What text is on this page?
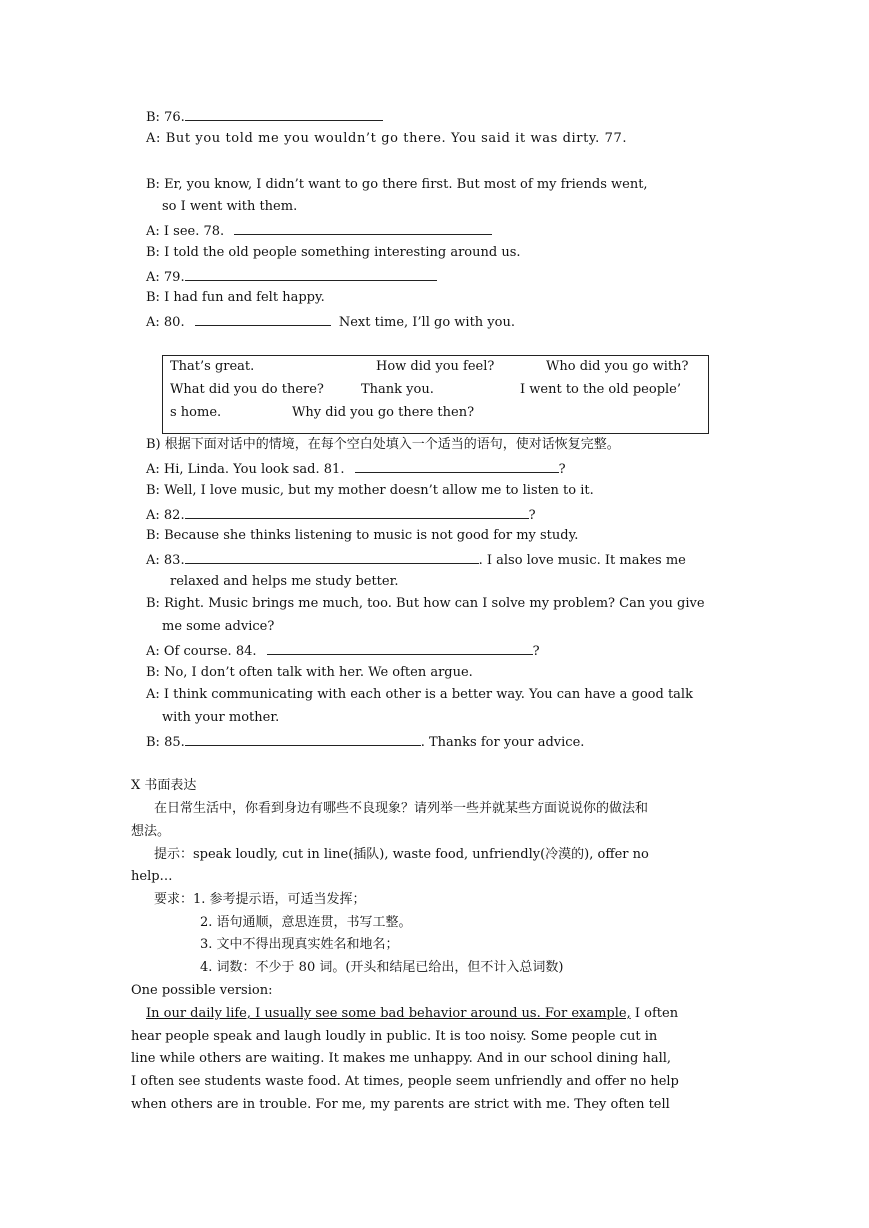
B: 76.
A: But you told me you wouldn’t go there. You said it was dirty. 77.
B: Er, you know, I didn’t want to go there first. But most of my friends went,
so I went with them.
A: I see. 78.
B: I told the old people something interesting around us.
A: 79.
B: I had fun and felt happy.
A: 80.	Next time, I’ll go with you.
That’s great.	How did you feel?	Who did you go with?
What did you do there?	Thank you.	I went to the old people’
s home.	Why did you go there then?
B) 根据下面对话中的情境，在每个空白处填入一个适当的语句，使对话恢复完整。
A: Hi, Linda. You look sad. 81.	?
B: Well, I love music, but my mother doesn’t allow me to listen to it.
A: 82.	?
B: Because she thinks listening to music is not good for my study.
A: 83.	. I also love music. It makes me
relaxed and helps me study better.
B: Right. Music brings me much, too. But how can I solve my problem? Can you give
me some advice?
A: Of course. 84.	?
B: No, I don’t often talk with her. We often argue.
A: I think communicating with each other is a better way. You can have a good talk
with your mother.
B: 85.	. Thanks for your advice.
X 书面表达
在日常生活中，你看到身边有哪些不良现象？请列举一些并就某些方面说说你的做法和
想法。
提示：speak loudly, cut in line(插队), waste food, unfriendly(冷漠的), offer no
help…
要求：1. 参考提示语，可适当发挥；
2. 语句通顺，意思连贯，书写工整。
3. 文中不得出现真实姓名和地名；
4. 词数：不少于 80 词。(开头和结尾已给出，但不计入总词数)
One possible version:
In our daily life, I usually see some bad behavior around us. For example, I often
hear people speak and laugh loudly in public. It is too noisy. Some people cut in
line while others are waiting. It makes me unhappy. And in our school dining hall,
I often see students waste food. At times, people seem unfriendly and offer no help
when others are in trouble. For me, my parents are strict with me. They often tell
